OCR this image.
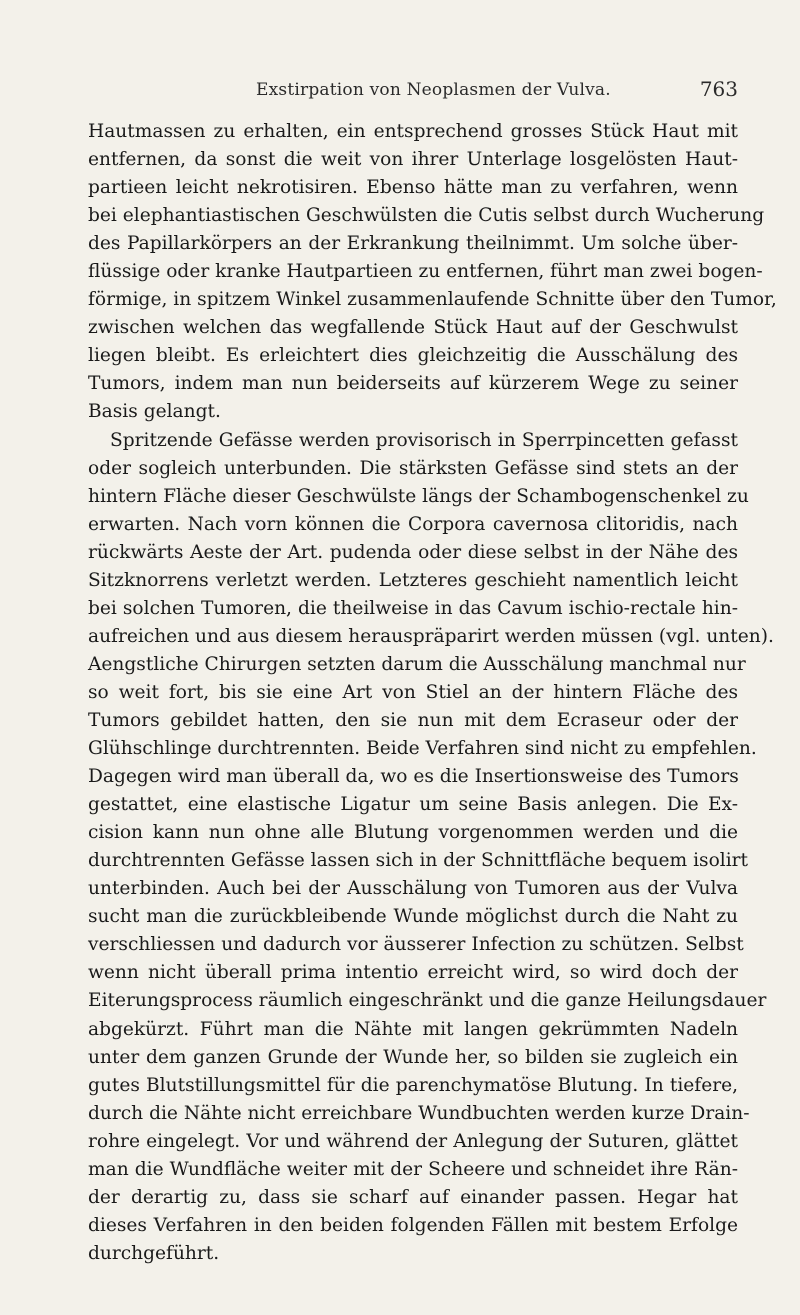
Exstirpation von Neoplasmen der Vulva.	763
Hautmassen zu erhalten, ein entsprechend grosses Stück Haut mit
entfernen, da sonst die weit von ihrer Unterlage losgelösten Haut-
partieen leicht nekrotisiren. Ebenso hätte man zu verfahren, wenn
bei elephantiastischen Geschwülsten die Cutis selbst durch Wucherung
des Papillarkörpers an der Erkrankung theilnimmt. Um solche über-
flüssige oder kranke Hautpartieen zu entfernen, führt man zwei bogen-
förmige, in spitzem Winkel zusammenlaufende Schnitte über den Tumor,
zwischen welchen das wegfallende Stück Haut auf der Geschwulst
liegen bleibt. Es erleichtert dies gleichzeitig die Ausschälung des
Tumors, indem man nun beiderseits auf kürzerem Wege zu seiner
Basis gelangt.
Spritzende Gefässe werden provisorisch in Sperrpincetten gefasst
oder sogleich unterbunden. Die stärksten Gefässe sind stets an der
hintern Fläche dieser Geschwülste längs der Schambogenschenkel zu
erwarten. Nach vorn können die Corpora cavernosa clitoridis, nach
rückwärts Aeste der Art. pudenda oder diese selbst in der Nähe des
Sitzknorrens verletzt werden. Letzteres geschieht namentlich leicht
bei solchen Tumoren, die theilweise in das Cavum ischio-rectale hin-
aufreichen und aus diesem herauspräparirt werden müssen (vgl. unten).
Aengstliche Chirurgen setzten darum die Ausschälung manchmal nur
so weit fort, bis sie eine Art von Stiel an der hintern Fläche des
Tumors gebildet hatten, den sie nun mit dem Ecraseur oder der
Glühschlinge durchtrennten. Beide Verfahren sind nicht zu empfehlen.
Dagegen wird man überall da, wo es die Insertionsweise des Tumors
gestattet, eine elastische Ligatur um seine Basis anlegen. Die Ex-
cision kann nun ohne alle Blutung vorgenommen werden und die
durchtrennten Gefässe lassen sich in der Schnittfläche bequem isolirt
unterbinden. Auch bei der Ausschälung von Tumoren aus der Vulva
sucht man die zurückbleibende Wunde möglichst durch die Naht zu
verschliessen und dadurch vor äusserer Infection zu schützen. Selbst
wenn nicht überall prima intentio erreicht wird, so wird doch der
Eiterungsprocess räumlich eingeschränkt und die ganze Heilungsdauer
abgekürzt. Führt man die Nähte mit langen gekrümmten Nadeln
unter dem ganzen Grunde der Wunde her, so bilden sie zugleich ein
gutes Blutstillungsmittel für die parenchymatöse Blutung. In tiefere,
durch die Nähte nicht erreichbare Wundbuchten werden kurze Drain-
rohre eingelegt. Vor und während der Anlegung der Suturen, glättet
man die Wundfläche weiter mit der Scheere und schneidet ihre Rän-
der derartig zu, dass sie scharf auf einander passen. Hegar hat
dieses Verfahren in den beiden folgenden Fällen mit bestem Erfolge
durchgeführt.
